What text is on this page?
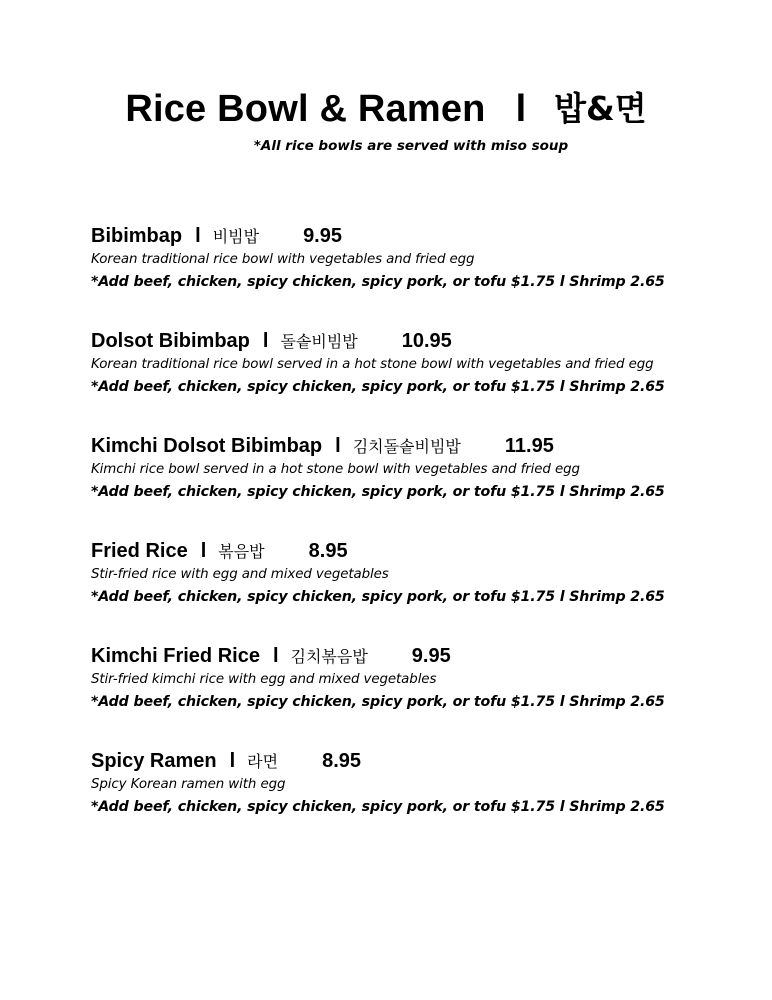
Rice Bowl & Ramen l 밥&면
*All rice bowls are served with miso soup
Bibimbap l 비빔밥 9.95
Korean traditional rice bowl with vegetables and fried egg
*Add beef, chicken, spicy chicken, spicy pork, or tofu $1.75 l Shrimp 2.65
Dolsot Bibimbap l 돌솥비빔밥 10.95
Korean traditional rice bowl served in a hot stone bowl with vegetables and fried egg
*Add beef, chicken, spicy chicken, spicy pork, or tofu $1.75 l Shrimp 2.65
Kimchi Dolsot Bibimbap l 김치돌솥비빔밥 11.95
Kimchi rice bowl served in a hot stone bowl with vegetables and fried egg
*Add beef, chicken, spicy chicken, spicy pork, or tofu $1.75 l Shrimp 2.65
Fried Rice l 볶음밥 8.95
Stir-fried rice with egg and mixed vegetables
*Add beef, chicken, spicy chicken, spicy pork, or tofu $1.75 l Shrimp 2.65
Kimchi Fried Rice l 김치볶음밥 9.95
Stir-fried kimchi rice with egg and mixed vegetables
*Add beef, chicken, spicy chicken, spicy pork, or tofu $1.75 l Shrimp 2.65
Spicy Ramen l 라면 8.95
Spicy Korean ramen with egg
*Add beef, chicken, spicy chicken, spicy pork, or tofu $1.75 l Shrimp 2.65
